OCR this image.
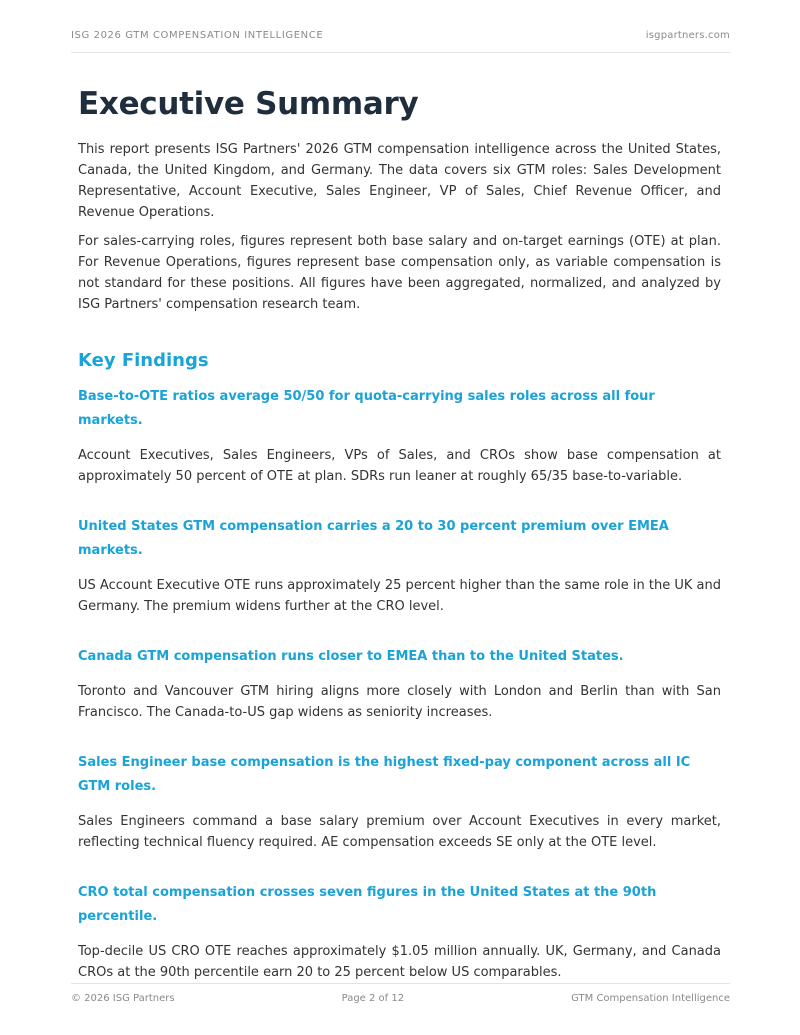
ISG 2026 GTM COMPENSATION INTELLIGENCE	isgpartners.com
Executive Summary

This report presents ISG Partners' 2026 GTM compensation intelligence across the United States, Canada, the United Kingdom, and Germany. The data covers six GTM roles: Sales Development Representative, Account Executive, Sales Engineer, VP of Sales, Chief Revenue Officer, and Revenue Operations.

For sales-carrying roles, figures represent both base salary and on-target earnings (OTE) at plan. For Revenue Operations, figures represent base compensation only, as variable compensation is not standard for these positions. All figures have been aggregated, normalized, and analyzed by ISG Partners' compensation research team.

Key Findings
Base-to-OTE ratios average 50/50 for quota-carrying sales roles across all four markets.

Account Executives, Sales Engineers, VPs of Sales, and CROs show base compensation at approximately 50 percent of OTE at plan. SDRs run leaner at roughly 65/35 base-to-variable.

United States GTM compensation carries a 20 to 30 percent premium over EMEA markets.

US Account Executive OTE runs approximately 25 percent higher than the same role in the UK and Germany. The premium widens further at the CRO level.

Canada GTM compensation runs closer to EMEA than to the United States.

Toronto and Vancouver GTM hiring aligns more closely with London and Berlin than with San Francisco. The Canada-to-US gap widens as seniority increases.

Sales Engineer base compensation is the highest fixed-pay component across all IC GTM roles.

Sales Engineers command a base salary premium over Account Executives in every market, reflecting technical fluency required. AE compensation exceeds SE only at the OTE level.

CRO total compensation crosses seven figures in the United States at the 90th percentile.

Top-decile US CRO OTE reaches approximately $1.05 million annually. UK, Germany, and Canada CROs at the 90th percentile earn 20 to 25 percent below US comparables.

© 2026 ISG Partners	Page 2 of 12	GTM Compensation Intelligence
